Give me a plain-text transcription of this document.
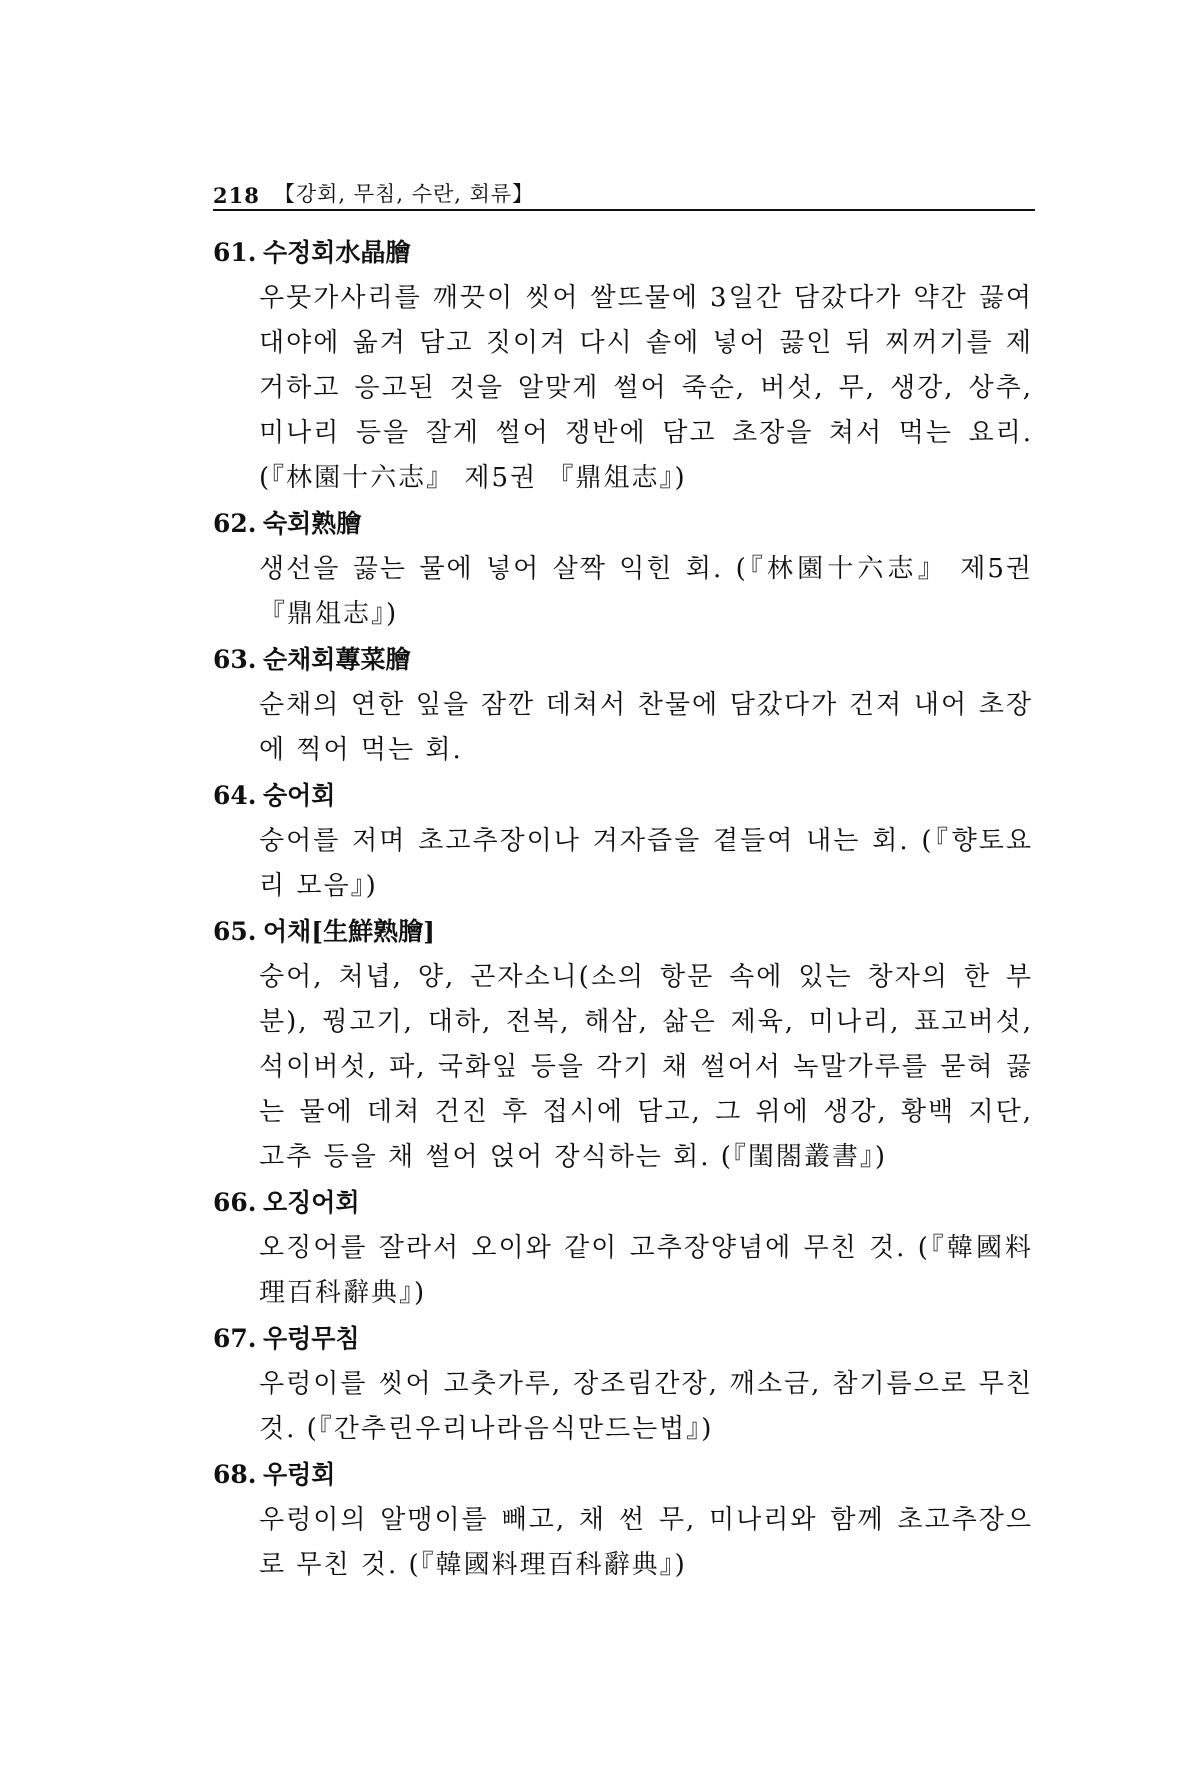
218 【강회, 무침, 수란, 회류】
61. 수정회水晶膾
우뭇가사리를 깨끗이 씻어 쌀뜨물에 3일간 담갔다가 약간 끓여 대야에 옮겨 담고 짓이겨 다시 솥에 넣어 끓인 뒤 찌꺼기를 제거하고 응고된 것을 알맞게 썰어 죽순, 버섯, 무, 생강, 상추, 미나리 등을 잘게 썰어 쟁반에 담고 초장을 쳐서 먹는 요리. (『林園十六志』 제5권 『鼎俎志』)
62. 숙회熟膾
생선을 끓는 물에 넣어 살짝 익힌 회. (『林園十六志』 제5권 『鼎俎志』)
63. 순채회蓴菜膾
순채의 연한 잎을 잠깐 데쳐서 찬물에 담갔다가 건져 내어 초장에 찍어 먹는 회.
64. 숭어회
숭어를 저며 초고추장이나 겨자즙을 곁들여 내는 회. (『향토요리 모음』)
65. 어채[生鮮熟膾]
숭어, 처녑, 양, 곤자소니(소의 항문 속에 있는 창자의 한 부분), 꿩고기, 대하, 전복, 해삼, 삶은 제육, 미나리, 표고버섯, 석이버섯, 파, 국화잎 등을 각기 채 썰어서 녹말가루를 묻혀 끓는 물에 데쳐 건진 후 접시에 담고, 그 위에 생강, 황백 지단, 고추 등을 채 썰어 얹어 장식하는 회. (『閨閤叢書』)
66. 오징어회
오징어를 잘라서 오이와 같이 고추장양념에 무친 것. (『韓國料理百科辭典』)
67. 우렁무침
우렁이를 씻어 고춧가루, 장조림간장, 깨소금, 참기름으로 무친 것. (『간추린우리나라음식만드는법』)
68. 우렁회
우렁이의 알맹이를 빼고, 채 썬 무, 미나리와 함께 초고추장으로 무친 것. (『韓國料理百科辭典』)
